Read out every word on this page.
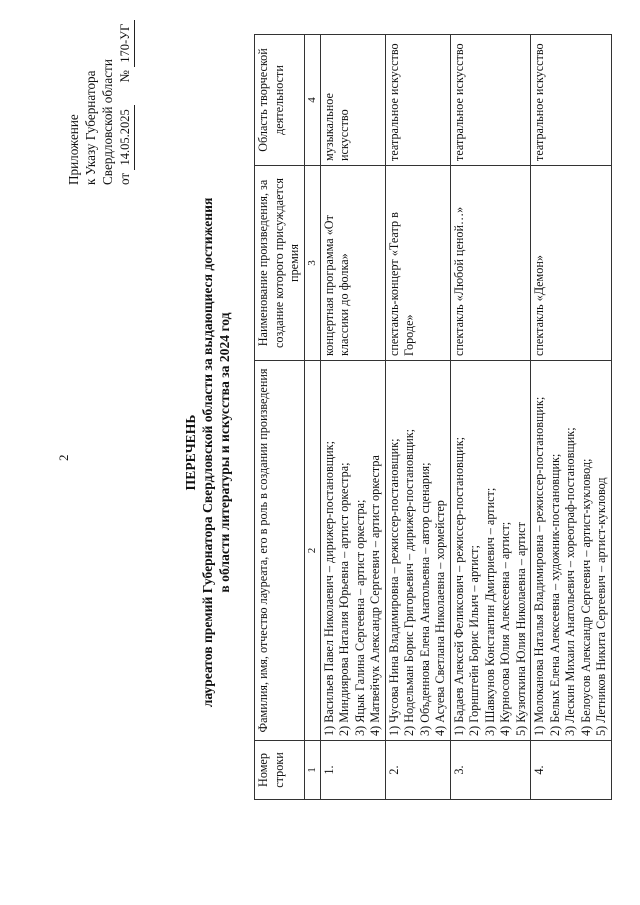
2
Приложение к Указу Губернатора Свердловской области от 14.05.2025  № 170-УГ
ПЕРЕЧЕНЬ лауреатов премий Губернатора Свердловской области за выдающиеся достижения в области литературы и искусства за 2024 год
Номер строки	Фамилия, имя, отчество лауреата, его в роль в создании произведения	Наименование произведения, за создание которого присуждается премия	Область творческой деятельности
1	2	3	4
1.	1) Васильев Павел Николаевич – дирижер-постановщик; 2) Миндиярова Наталия Юрьевна – артист оркестра; 3) Яцык Галина Сергеевна – артист оркестра; 4) Матвейчук Александр Сергеевич – артист оркестра	концертная программа «От классики до фолка»	музыкальное искусство
2.	1) Чусова Нина Владимировна – режиссер-постановщик; 2) Нодельман Борис Григорьевич – дирижер-постановщик; 3) Объденнова Елена Анатольевна – автор сценария; 4) Асуева Светлана Николаевна – хормейстер	спектакль-концерт «Театр в Городе»	театральное искусство
3.	1) Бадаев Алексей Феликсович – режиссер-постановщик; 2) Горнштейн Борис Ильич – артист; 3) Шавкунов Константин Дмитриевич – артист; 4) Курносова Юлия Алексеевна – артист; 5) Кузюткина Юлия Николаевна – артист	спектакль «Любой ценой…»	театральное искусство
4.	1) Молоканова Наталья Владимировна – режиссер-постановщик; 2) Белых Елена Алексеевна – художник-постановщик; 3) Лескин Михаил Анатольевич – хореограф-постановщик; 4) Белоусов Александр Сергеевич – артист-кукловод; 5) Летников Никита Сергеевич – артист-кукловод	спектакль «Демон»	театральное искусство
